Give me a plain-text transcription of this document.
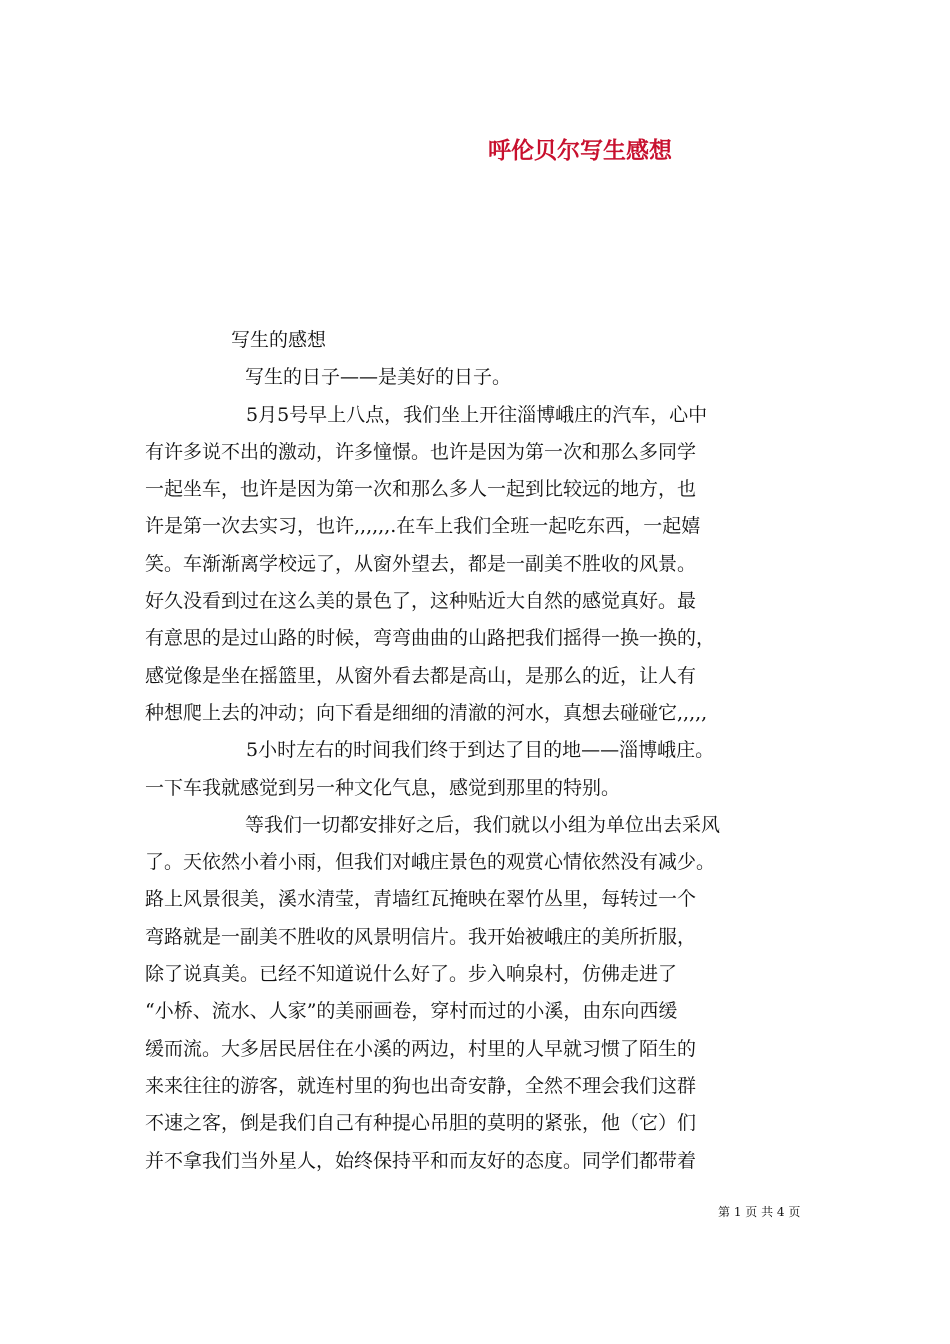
呼伦贝尔写生感想

写生的感想

写生的日子——是美好的日子。

5月5号早上八点，我们坐上开往淄博峨庄的汽车，心中
有许多说不出的激动，许多憧憬。也许是因为第一次和那么多同学
一起坐车，也许是因为第一次和那么多人一起到比较远的地方，也
许是第一次去实习，也许,,,,,,.在车上我们全班一起吃东西，一起嬉
笑。车渐渐离学校远了，从窗外望去，都是一副美不胜收的风景。
好久没看到过在这么美的景色了，这种贴近大自然的感觉真好。最
有意思的是过山路的时候，弯弯曲曲的山路把我们摇得一换一换的，
感觉像是坐在摇篮里，从窗外看去都是高山，是那么的近，让人有
种想爬上去的冲动；向下看是细细的清澈的河水，真想去碰碰它,,,,,

5小时左右的时间我们终于到达了目的地——淄博峨庄。
一下车我就感觉到另一种文化气息，感觉到那里的特别。

等我们一切都安排好之后，我们就以小组为单位出去采风
了。天依然小着小雨，但我们对峨庄景色的观赏心情依然没有减少。
路上风景很美，溪水清莹，青墙红瓦掩映在翠竹丛里，每转过一个
弯路就是一副美不胜收的风景明信片。我开始被峨庄的美所折服，
除了说真美。已经不知道说什么好了。步入响泉村，仿佛走进了
“小桥、流水、人家”的美丽画卷，穿村而过的小溪，由东向西缓
缓而流。大多居民居住在小溪的两边，村里的人早就习惯了陌生的
来来往往的游客，就连村里的狗也出奇安静，全然不理会我们这群
不速之客，倒是我们自己有种提心吊胆的莫明的紧张，他（它）们
并不拿我们当外星人，始终保持平和而友好的态度。同学们都带着

第 1 页 共 4 页
